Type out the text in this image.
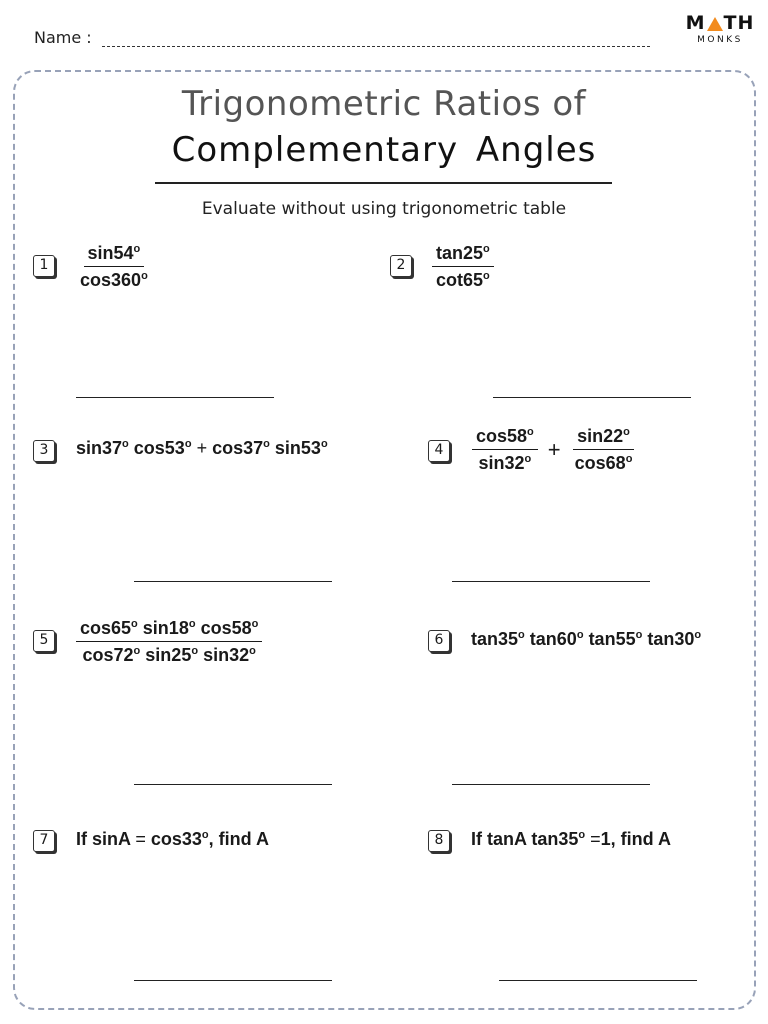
Name :
M TH
MONKS
Trigonometric Ratios of
Complementary Angles
Evaluate without using trigonometric table
1	$\frac{\sin 54^o}{\cos 360^o}$	2	$\frac{\tan 25^o}{\cot 65^o}$
3	sin37$^o$ $\cos 53^o + \cos 37^o$ sin53$^o$	4	$\frac{\cos 58^o}{\sin 32^o} + \frac{\sin 22^o}{\cos 68^o}$
5	$\frac{\cos 65^o \sin 18^o \cos 58^o}{\cos 72^o \sin 25^o \sin 32^o}$	6	tan35$^o$ tan60$^o$ tan55$^o$ tan30$^o$
7	If $\sin A = \cos 33^o$, find A	8	If tanA $\tan 35^o =1$, find A
